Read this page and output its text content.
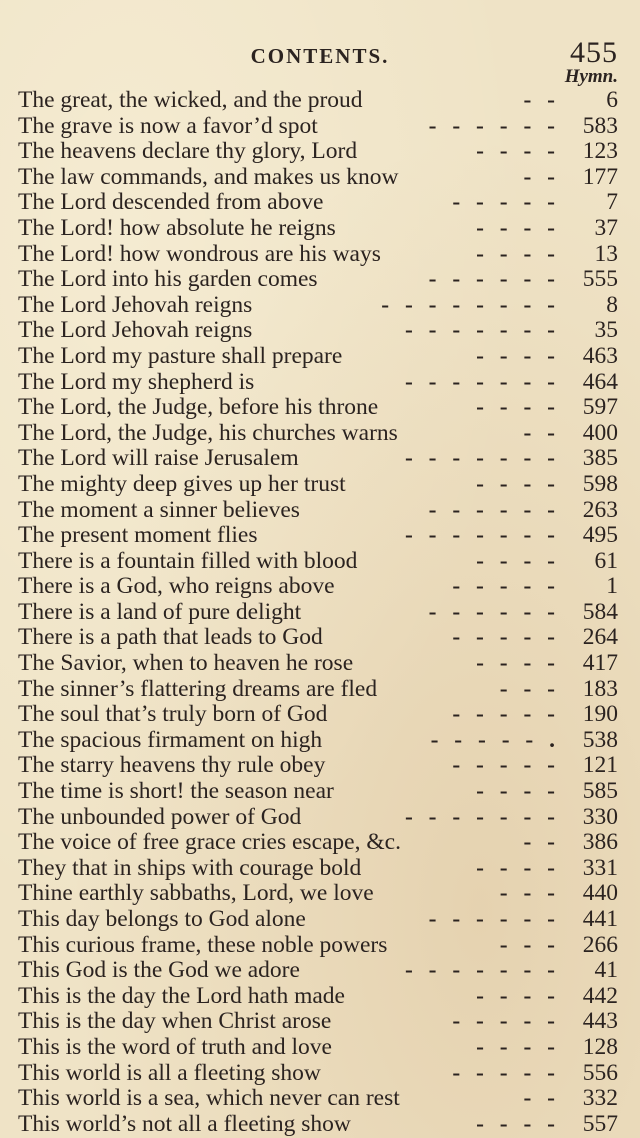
CONTENTS.	455
Hymn.
The great, the wicked, and the proud	- -	6
The grave is now a favor’d spot	- - - - - - 583
The heavens declare thy glory, Lord	- - - - 123
The law commands, and makes us know	- - 177
The Lord descended from above	- - - - -	7
The Lord! how absolute he reigns	- - - -	37
The Lord! how wondrous are his ways	- - - -	13
The Lord into his garden comes	- - - - - - 555
The Lord Jehovah reigns	- - - - - - - -	8
The Lord Jehovah reigns	- - - - - - -	35
The Lord my pasture shall prepare	- - - - 463
The Lord my shepherd is	- - - - - - - 464
The Lord, the Judge, before his throne	- - - - 597
The Lord, the Judge, his churches warns	- - 400
The Lord will raise Jerusalem	- - - - - - - 385
The mighty deep gives up her trust	- - - - 598
The moment a sinner believes	- - - - - - 263
The present moment flies	- - - - - - - 495
There is a fountain filled with blood	- - - -	61
There is a God, who reigns above	- - - - -	1
There is a land of pure delight	- - - - - - 584
There is a path that leads to God	- - - - - 264
The Savior, when to heaven he rose	- - - - 417
The sinner’s flattering dreams are fled	- - - 183
The soul that’s truly born of God	- - - - - 190
The spacious firmament on high	- - - - - . 538
The starry heavens thy rule obey	- - - - - 121
The time is short! the season near	- - - - 585
The unbounded power of God	- - - - - - - 330
The voice of free grace cries escape, &c.	- - 386
They that in ships with courage bold	- - - - 331
Thine earthly sabbaths, Lord, we love	- - - 440
This day belongs to God alone	- - - - - - 441
This curious frame, these noble powers	- - - 266
This God is the God we adore	- - - - - - -	41
This is the day the Lord hath made	- - - - 442
This is the day when Christ arose	- - - - - 443
This is the word of truth and love	- - - - 128
This world is all a fleeting show	- - - - - 556
This world is a sea, which never can rest	- - 332
This world’s not all a fleeting show	- - - - 557
